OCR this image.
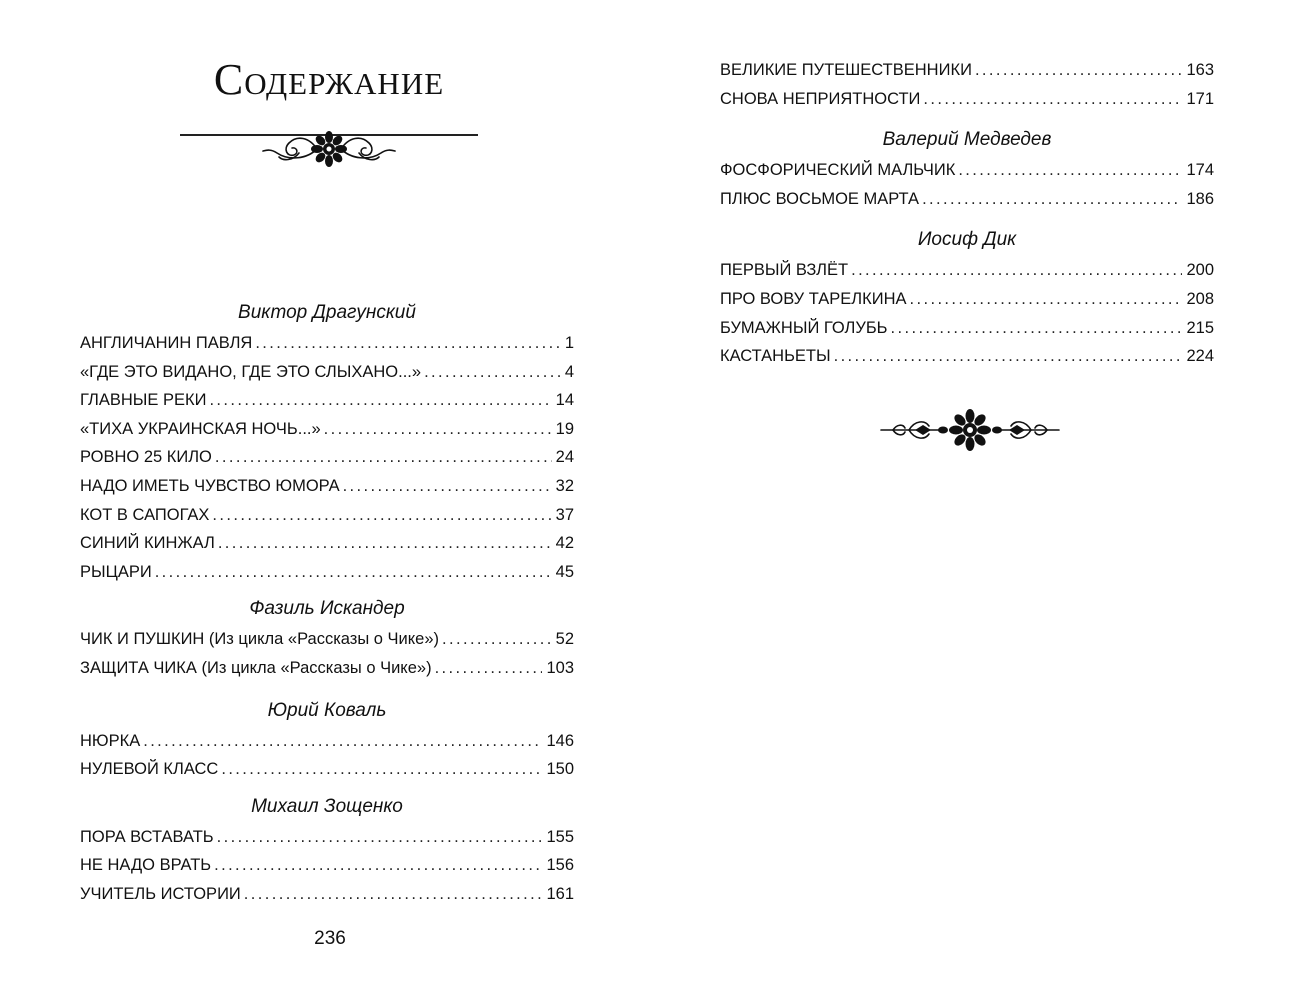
Содержание
Виктор Драгунский
АНГЛИЧАНИН ПАВЛЯ .....	1
«ГДЕ ЭТО ВИДАНО, ГДЕ ЭТО СЛЫХАНО...» .....	4
ГЛАВНЫЕ РЕКИ .....	14
«ТИХА УКРАИНСКАЯ НОЧЬ...» .....	19
РОВНО 25 КИЛО .....	24
НАДО ИМЕТЬ ЧУВСТВО ЮМОРА .....	32
КОТ В САПОГАХ .....	37
СИНИЙ КИНЖАЛ .....	42
РЫЦАРИ .....	45
Фазиль Искандер
ЧИК И ПУШКИН (Из цикла «Рассказы о Чике») .....	52
ЗАЩИТА ЧИКА (Из цикла «Рассказы о Чике») .....	103
Юрий Коваль
НЮРКА .....	146
НУЛЕВОЙ КЛАСС .....	150
Михаил Зощенко
ПОРА ВСТАВАТЬ .....	155
НЕ НАДО ВРАТЬ .....	156
УЧИТЕЛЬ ИСТОРИИ .....	161
236
ВЕЛИКИЕ ПУТЕШЕСТВЕННИКИ .....	163
СНОВА НЕПРИЯТНОСТИ .....	171
Валерий Медведев
ФОСФОРИЧЕСКИЙ МАЛЬЧИК .....	174
ПЛЮС ВОСЬМОЕ МАРТА .....	186
Иосиф Дик
ПЕРВЫЙ ВЗЛЁТ .....	200
ПРО ВОВУ ТАРЕЛКИНА .....	208
БУМАЖНЫЙ ГОЛУБЬ .....	215
КАСТАНЬЕТЫ .....	224
